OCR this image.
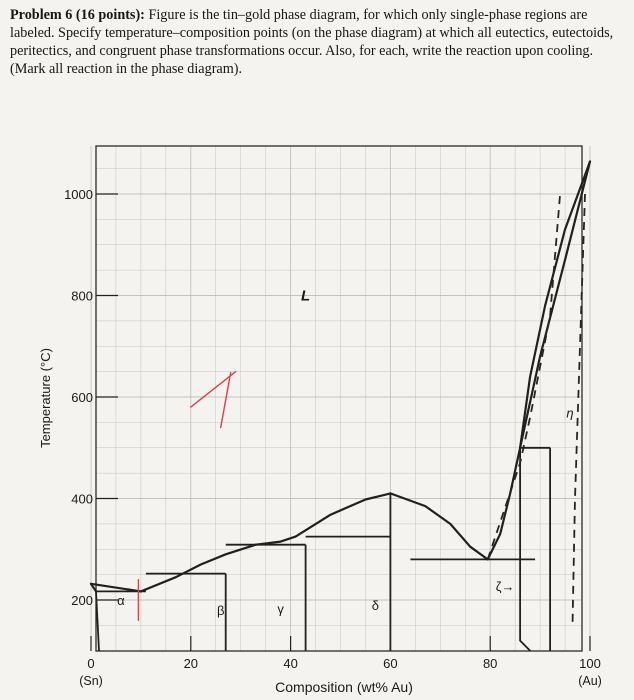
Problem 6 (16 points): Figure is the tin–gold phase diagram, for which only single-phase regions are labeled. Specify temperature–composition points (on the phase diagram) at which all eutectics, eutectoids, peritectics, and congruent phase transformations occur. Also, for each, write the reaction upon cooling. (Mark all reaction in the phase diagram).
200
400
600
800
1000
0
(Sn)
20	40	60	80	100
(Au)
L
α
β	γ	δ
ζ→
η
Temperature (°C)
Composition (wt% Au)
